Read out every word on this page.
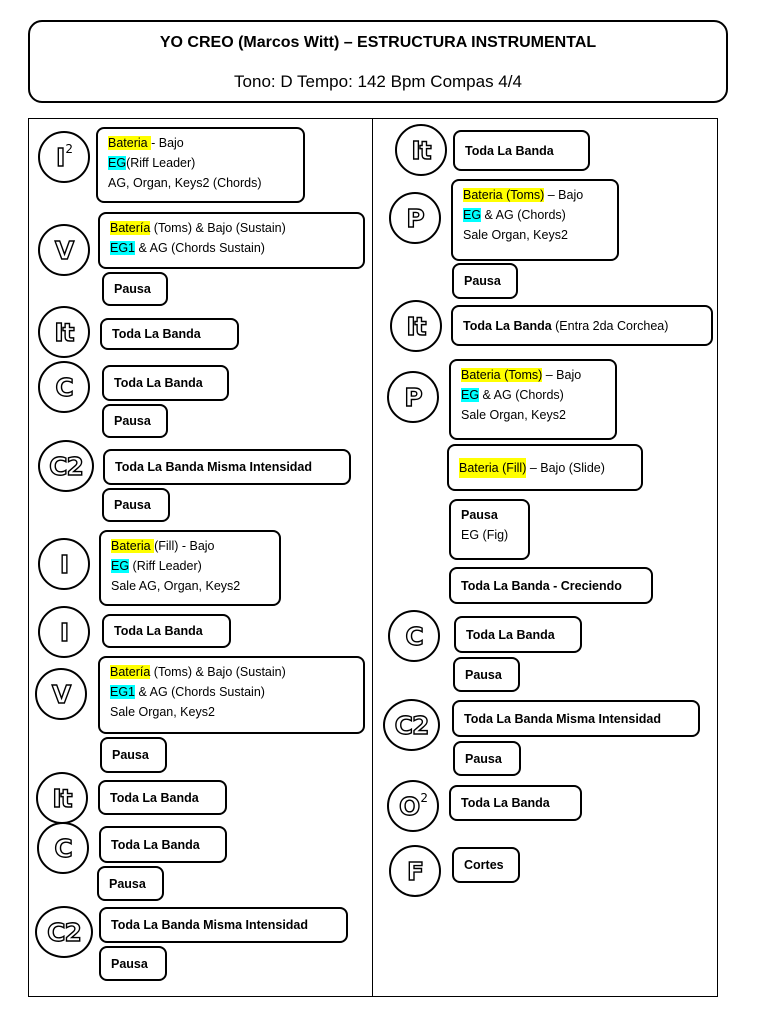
YO CREO (Marcos Witt) – ESTRUCTURA INSTRUMENTAL
Tono: D Tempo: 142 Bpm Compas 4/4
$I^2$	Bateria - Bajo
EG(Riff Leader)
AG, Organ, Keys2 (Chords)
V
Batería (Toms) & Bajo (Sustain)
EG1 & AG (Chords Sustain)
Pausa
It	Toda La Banda
C	Toda La Banda
Pausa
C2	Toda La Banda Misma Intensidad
Pausa
I
Bateria (Fill) - Bajo
EG (Riff Leader)
Sale AG, Organ, Keys2
I	Toda La Banda
V
Batería (Toms) & Bajo (Sustain)
EG1 & AG (Chords Sustain)
Sale Organ, Keys2
Pausa
It	Toda La Banda
C	Toda La Banda
Pausa
C2 Toda La Banda Misma Intensidad
Pausa
It	Toda La Banda
P
Bateria (Toms) – Bajo
EG & AG (Chords)
Sale Organ, Keys2
Pausa
It	Toda La Banda (Entra 2da Corchea)
P
Bateria (Toms) – Bajo
EG & AG (Chords)
Sale Organ, Keys2
Bateria (Fill) – Bajo (Slide)
Pausa
EG (Fig)
Toda La Banda - Creciendo
C	Toda La Banda
Pausa
C2	Toda La Banda Misma Intensidad
Pausa
$O^2$	Toda La Banda
F	Cortes
